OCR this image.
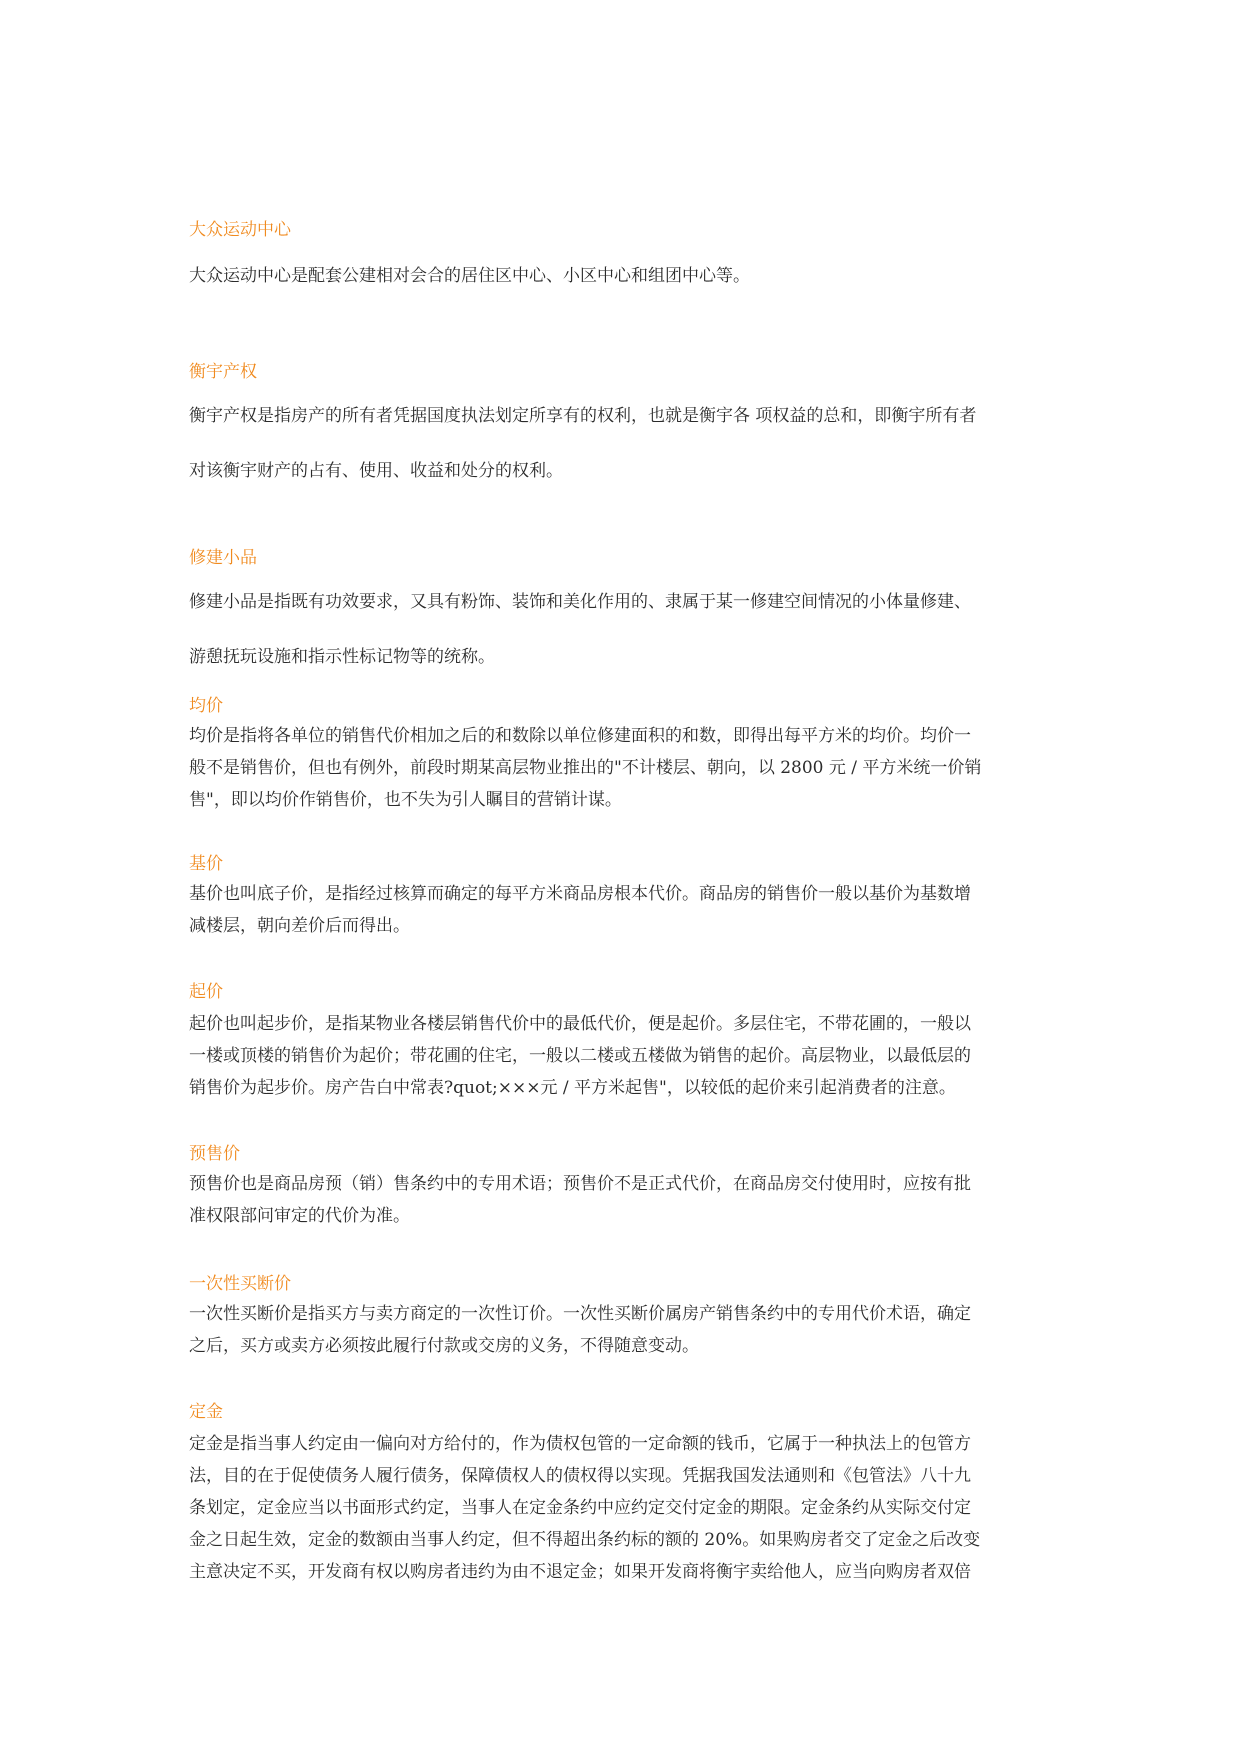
大众运动中心
大众运动中心是配套公建相对会合的居住区中心、小区中心和组团中心等。
衡宇产权
衡宇产权是指房产的所有者凭据国度执法划定所享有的权利，也就是衡宇各 项权益的总和，即衡宇所有者
对该衡宇财产的占有、使用、收益和处分的权利。
修建小品
修建小品是指既有功效要求，又具有粉饰、装饰和美化作用的、隶属于某一修建空间情况的小体量修建、
游憩抚玩设施和指示性标记物等的统称。
均价
均价是指将各单位的销售代价相加之后的和数除以单位修建面积的和数，即得出每平方米的均价。均价一
般不是销售价，但也有例外，前段时期某高层物业推出的"不计楼层、朝向，以 2800 元 / 平方米统一价销
售"，即以均价作销售价，也不失为引人瞩目的营销计谋。
基价
基价也叫底子价，是指经过核算而确定的每平方米商品房根本代价。商品房的销售价一般以基价为基数增
减楼层，朝向差价后而得出。
起价
起价也叫起步价，是指某物业各楼层销售代价中的最低代价，便是起价。多层住宅，不带花圃的，一般以
一楼或顶楼的销售价为起价；带花圃的住宅，一般以二楼或五楼做为销售的起价。高层物业，以最低层的
销售价为起步价。房产告白中常表?quot;×××元 / 平方米起售"，以较低的起价来引起消费者的注意。
预售价
预售价也是商品房预（销）售条约中的专用术语；预售价不是正式代价，在商品房交付使用时，应按有批
准权限部问审定的代价为准。
一次性买断价
一次性买断价是指买方与卖方商定的一次性订价。一次性买断价属房产销售条约中的专用代价术语，确定
之后，买方或卖方必须按此履行付款或交房的义务，不得随意变动。
定金
定金是指当事人约定由一偏向对方给付的，作为债权包管的一定命额的钱币，它属于一种执法上的包管方
法，目的在于促使债务人履行债务，保障债权人的债权得以实现。凭据我国发法通则和《包管法》八十九
条划定，定金应当以书面形式约定，当事人在定金条约中应约定交付定金的期限。定金条约从实际交付定
金之日起生效，定金的数额由当事人约定，但不得超出条约标的额的 20%。如果购房者交了定金之后改变
主意决定不买，开发商有权以购房者违约为由不退定金；如果开发商将衡宇卖给他人，应当向购房者双倍
